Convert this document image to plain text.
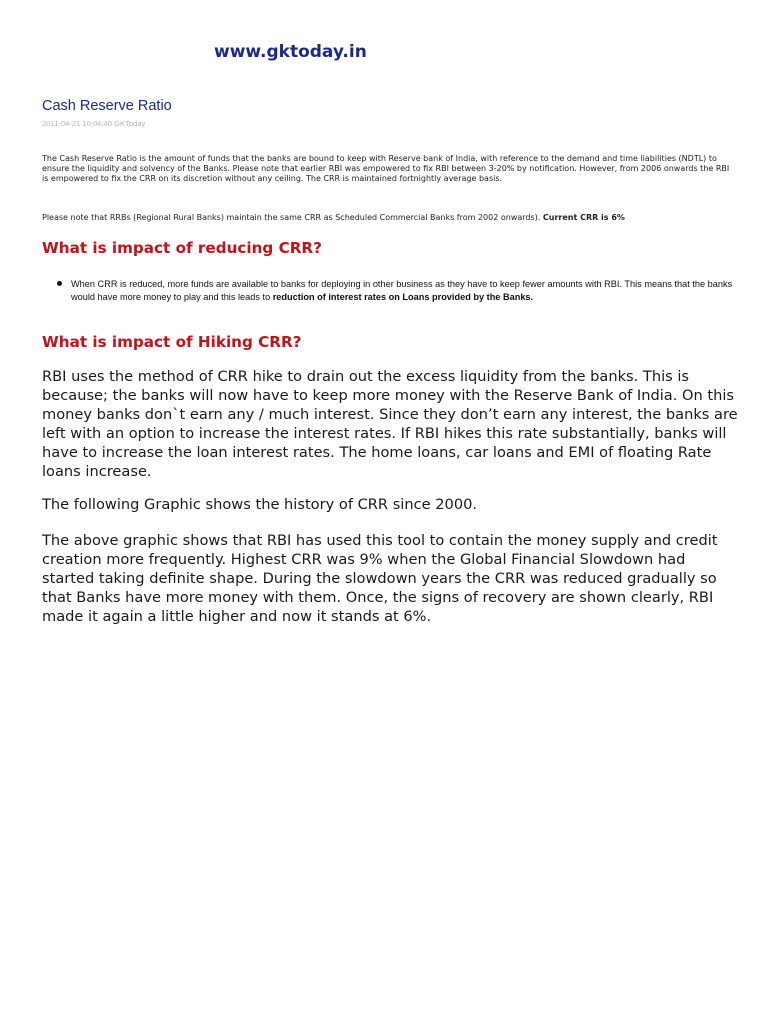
www.gktoday.in
Cash Reserve Ratio
2011-04-21 10:04:40 GKToday

The Cash Reserve Ratio is the amount of funds that the banks are bound to keep with Reserve bank of India, with reference to the demand and time liabilities (NDTL) to ensure the liquidity and solvency of the Banks. Please note that earlier RBI was empowered to fix RBI between 3-20% by notification. However, from 2006 onwards the RBI is empowered to fix the CRR on its discretion without any ceiling. The CRR is maintained fortnightly average basis.

Please note that RRBs (Regional Rural Banks) maintain the same CRR as Scheduled Commercial Banks from 2002 onwards). Current CRR is 6%

What is impact of reducing CRR?
When CRR is reduced, more funds are available to banks for deploying in other business as they have to keep fewer amounts with RBI. This means that the banks would have more money to play and this leads to reduction of interest rates on Loans provided by the Banks.
What is impact of Hiking CRR?

RBI uses the method of CRR hike to drain out the excess liquidity from the banks. This is because; the banks will now have to keep more money with the Reserve Bank of India. On this money banks don`t earn any / much interest. Since they don’t earn any interest, the banks are left with an option to increase the interest rates. If RBI hikes this rate substantially, banks will have to increase the loan interest rates. The home loans, car loans and EMI of floating Rate loans increase.

The following Graphic shows the history of CRR since 2000.

The above graphic shows that RBI has used this tool to contain the money supply and credit creation more frequently. Highest CRR was 9% when the Global Financial Slowdown had started taking definite shape. During the slowdown years the CRR was reduced gradually so that Banks have more money with them. Once, the signs of recovery are shown clearly, RBI made it again a little higher and now it stands at 6%.
